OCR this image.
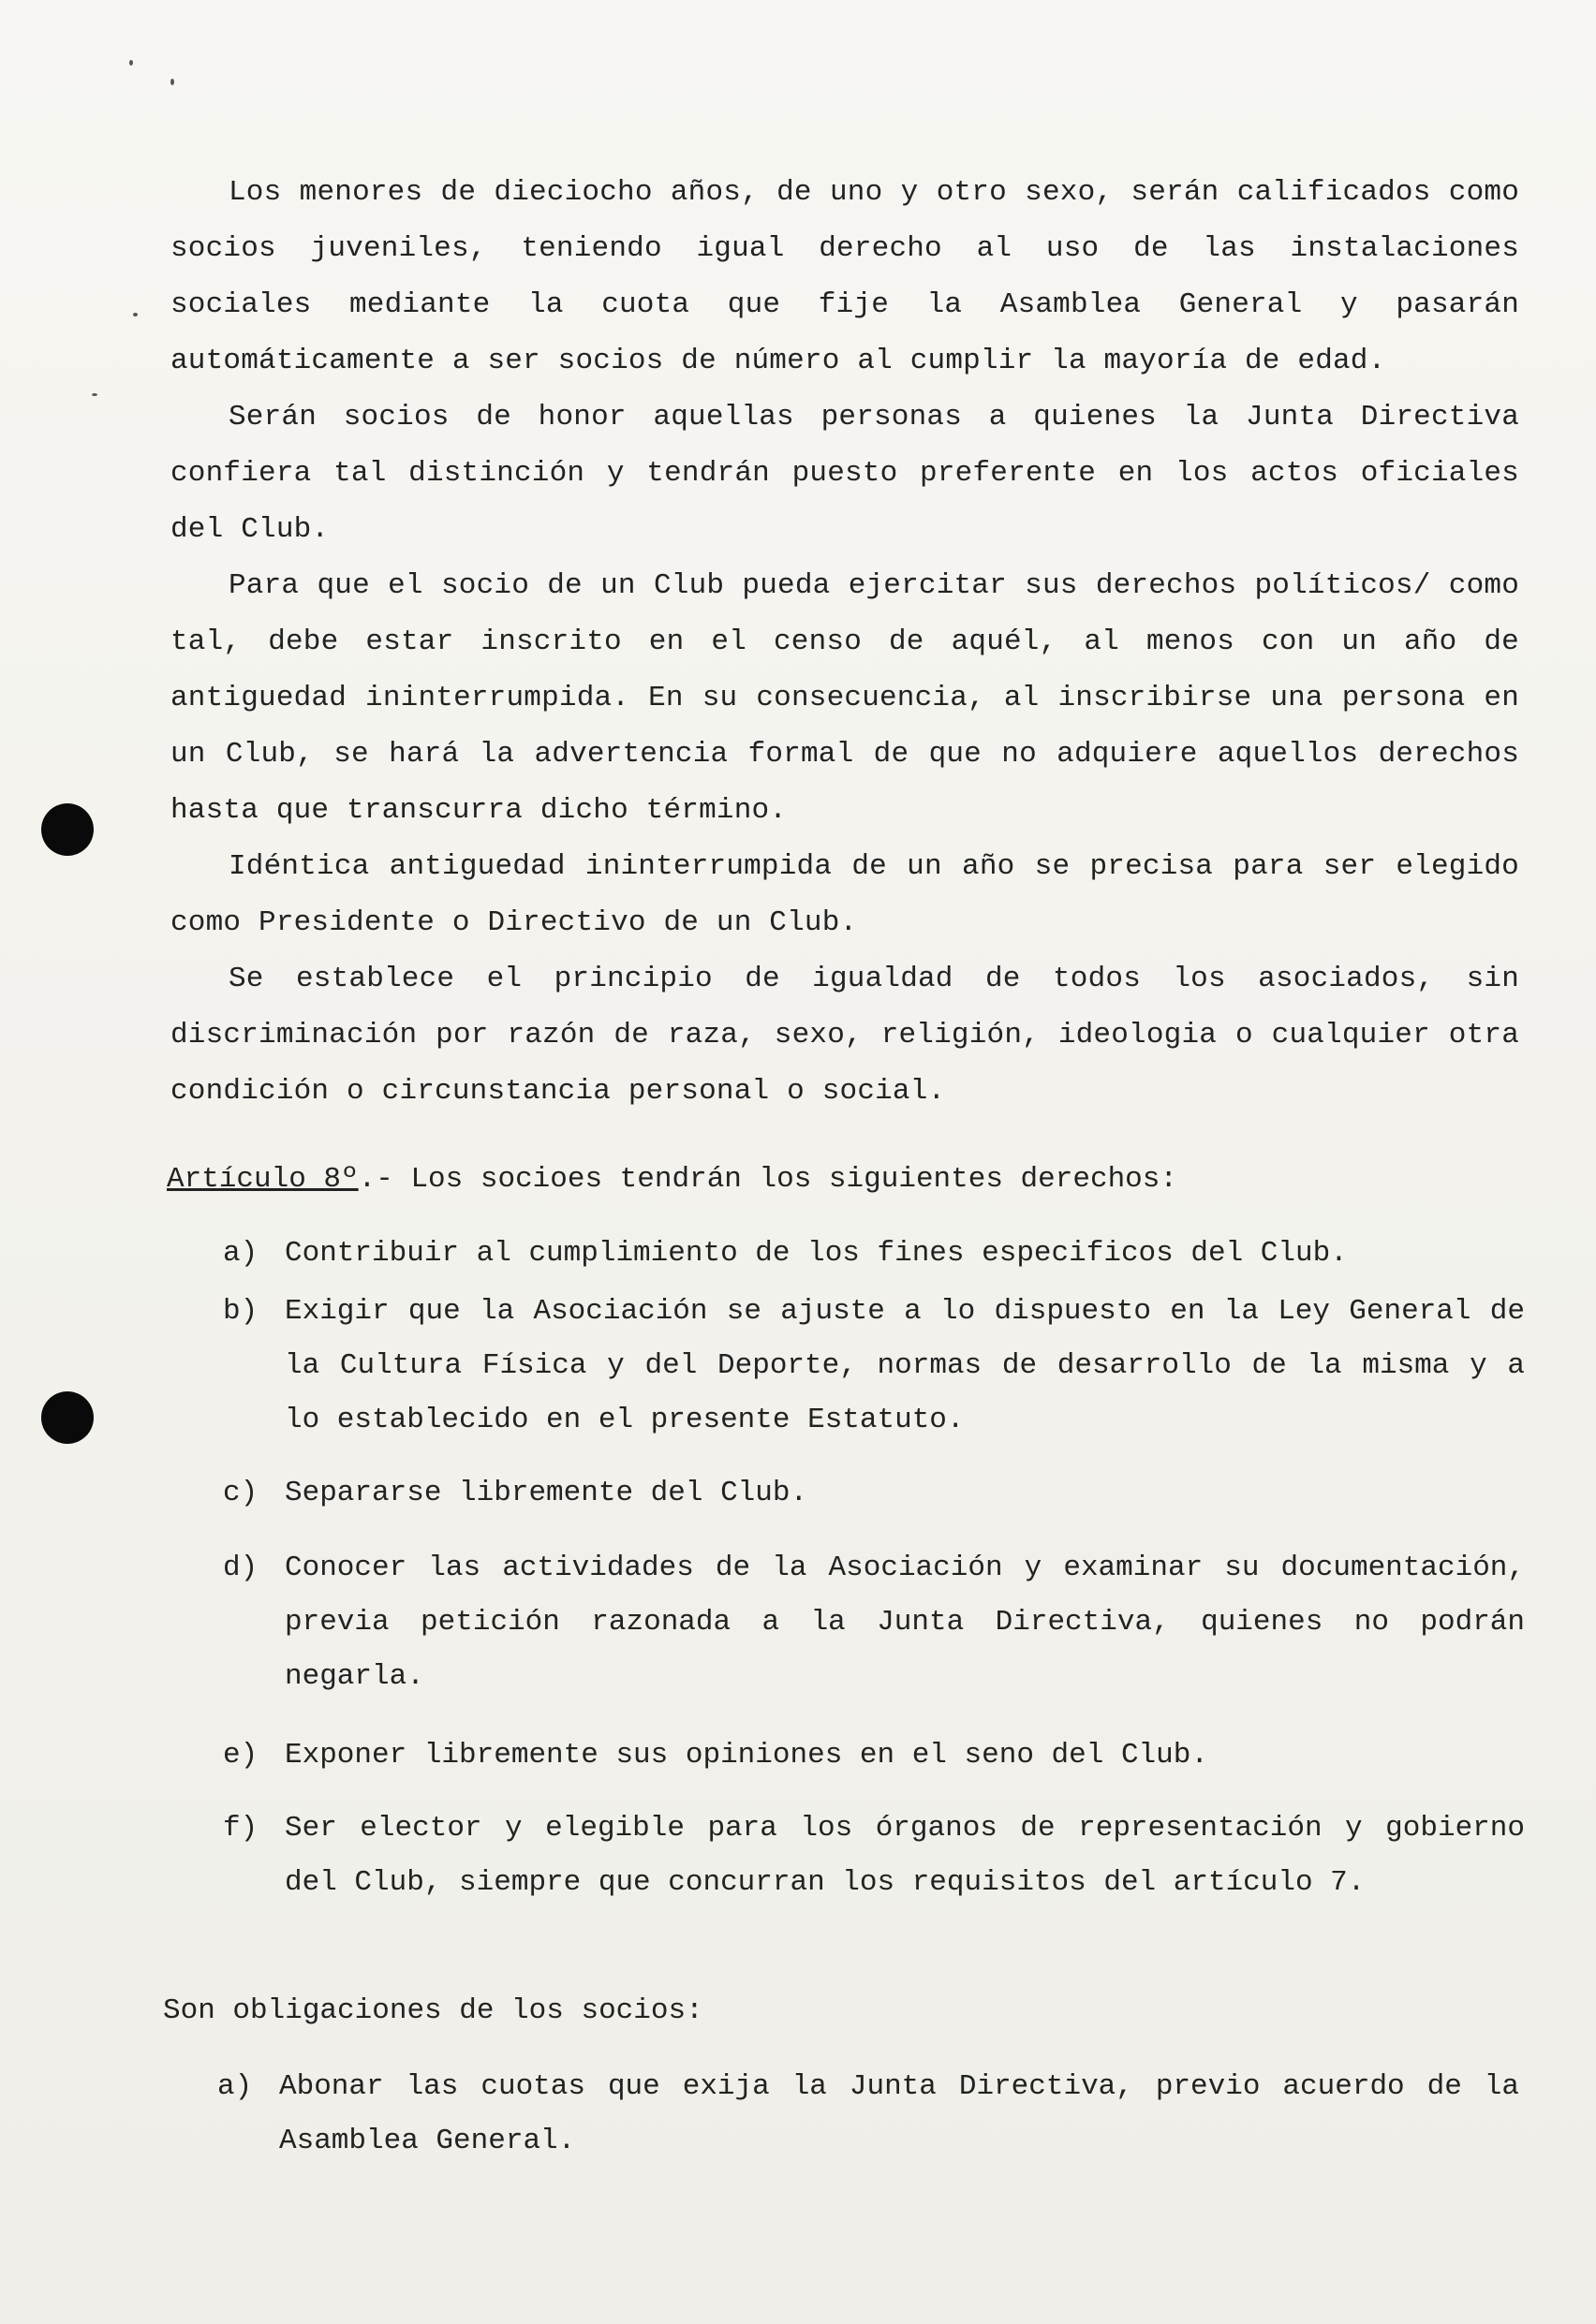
Los menores de dieciocho años, de uno y otro sexo, serán calificados como socios juveniles, teniendo igual derecho al uso de las instalaciones sociales mediante la cuota que fije la Asamblea General y pasarán automáticamente a ser socios de número al cumplir la mayoría de edad.

Serán socios de honor aquellas personas a quienes la Junta Directiva confiera tal distinción y tendrán puesto preferente en los actos oficiales del Club.

Para que el socio de un Club pueda ejercitar sus derechos políticos/ como tal, debe estar inscrito en el censo de aquél, al menos con un año de antiguedad ininterrumpida. En su consecuencia, al inscribirse una persona en un Club, se hará la advertencia formal de que no adquiere aquellos derechos hasta que transcurra dicho término.

Idéntica antiguedad ininterrumpida de un año se precisa para ser elegido como Presidente o Directivo de un Club.

Se establece el principio de igualdad de todos los asociados, sin discriminación por razón de raza, sexo, religión, ideologia o cualquier otra condición o circunstancia personal o social.

Artículo 8º.- Los socioes tendrán los siguientes derechos:

a) Contribuir al cumplimiento de los fines especificos del Club.
b) Exigir que la Asociación se ajuste a lo dispuesto en la Ley General de la Cultura Física y del Deporte, normas de desarrollo de la misma y a lo establecido en el presente Estatuto.
c) Separarse libremente del Club.
d) Conocer las actividades de la Asociación y examinar su documentación, previa petición razonada a la Junta Directiva, quienes no podrán negarla.
e) Exponer libremente sus opiniones en el seno del Club.
f) Ser elector y elegible para los órganos de representación y gobierno del Club, siempre que concurran los requisitos del artículo 7.

Son obligaciones de los socios:

a) Abonar las cuotas que exija la Junta Directiva, previo acuerdo de la Asamblea General.
